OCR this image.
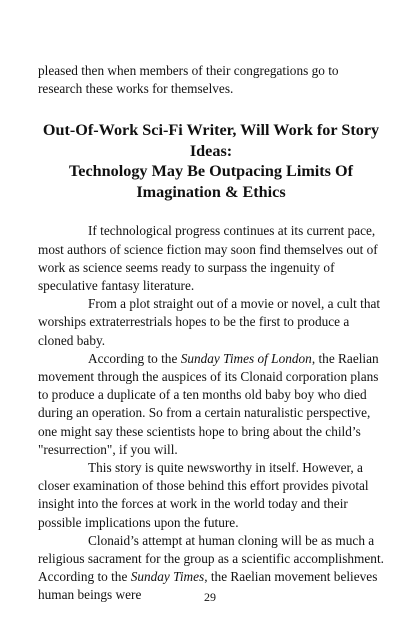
pleased then when members of their congregations go to research these works for themselves.

Out-Of-Work Sci-Fi Writer, Will Work for Story Ideas:
Technology May Be Outpacing Limits Of Imagination & Ethics

If technological progress continues at its current pace, most authors of science fiction may soon find themselves out of work as science seems ready to surpass the ingenuity of speculative fantasy literature.

From a plot straight out of a movie or novel, a cult that worships extraterrestrials hopes to be the first to produce a cloned baby.

According to the Sunday Times of London, the Raelian movement through the auspices of its Clonaid corporation plans to produce a duplicate of a ten months old baby boy who died during an operation. So from a certain naturalistic perspective, one might say these scientists hope to bring about the child’s "resurrection", if you will.

This story is quite newsworthy in itself. However, a closer examination of those behind this effort provides pivotal insight into the forces at work in the world today and their possible implications upon the future.

Clonaid’s attempt at human cloning will be as much a religious sacrament for the group as a scientific accomplishment. According to the Sunday Times, the Raelian movement believes human beings were	29
